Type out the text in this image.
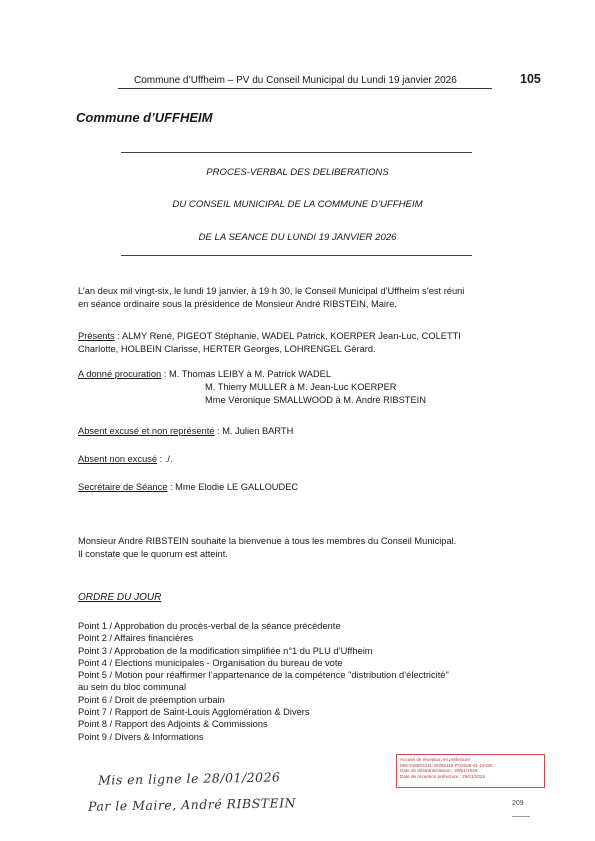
Commune d’Uffheim – PV du Conseil Municipal du Lundi 19 janvier 2026	105
Commune d’UFFHEIM
PROCES-VERBAL DES DELIBERATIONS
DU CONSEIL MUNICIPAL DE LA COMMUNE D’UFFHEIM
DE LA SEANCE DU LUNDI 19 JANVIER 2026
L’an deux mil vingt-six, le lundi 19 janvier, à 19 h 30, le Conseil Municipal d’Uffheim s’est réuni
en séance ordinaire sous la présidence de Monsieur André RIBSTEIN, Maire.
Présents : ALMY René, PIGEOT Stéphanie, WADEL Patrick, KOERPER Jean-Luc, COLETTI
Charlotte, HOLBEIN Clarisse, HERTER Georges, LOHRENGEL Gérard.
A donné procuration : M. Thomas LEIBY à M. Patrick WADEL
M. Thierry MULLER à M. Jean-Luc KOERPER
Mme Véronique SMALLWOOD à M. André RIBSTEIN
Absent excusé et non représenté : M. Julien BARTH
Absent non excusé : ./.
Secrétaire de Séance : Mme Elodie LE GALLOUDEC
Monsieur André RIBSTEIN souhaite la bienvenue à tous les membres du Conseil Municipal.
Il constate que le quorum est atteint.
ORDRE DU JOUR
Point 1 / Approbation du procès-verbal de la séance précédente
Point 2 / Affaires financières
Point 3 / Approbation de la modification simplifiée n°1 du PLU d’Uffheim
Point 4 / Elections municipales - Organisation du bureau de vote
Point 5 / Motion pour réaffirmer l’appartenance de la compétence "distribution d’électricité"
au sein du bloc communal
Point 6 / Droit de préemption urbain
Point 7 / Rapport de Saint-Louis Agglomération & Divers
Point 8 / Rapport des Adjoints & Commissions
Point 9 / Divers & Informations
Accusé de réception en préfecture
068-216803411-20260119-PV2026-01-19-DE
Date de télétransmission : 29/01/2026
Date de réception préfecture : 29/01/2026
Mis en ligne le 28/01/2026
Par le Maire, André RIBSTEIN	209
